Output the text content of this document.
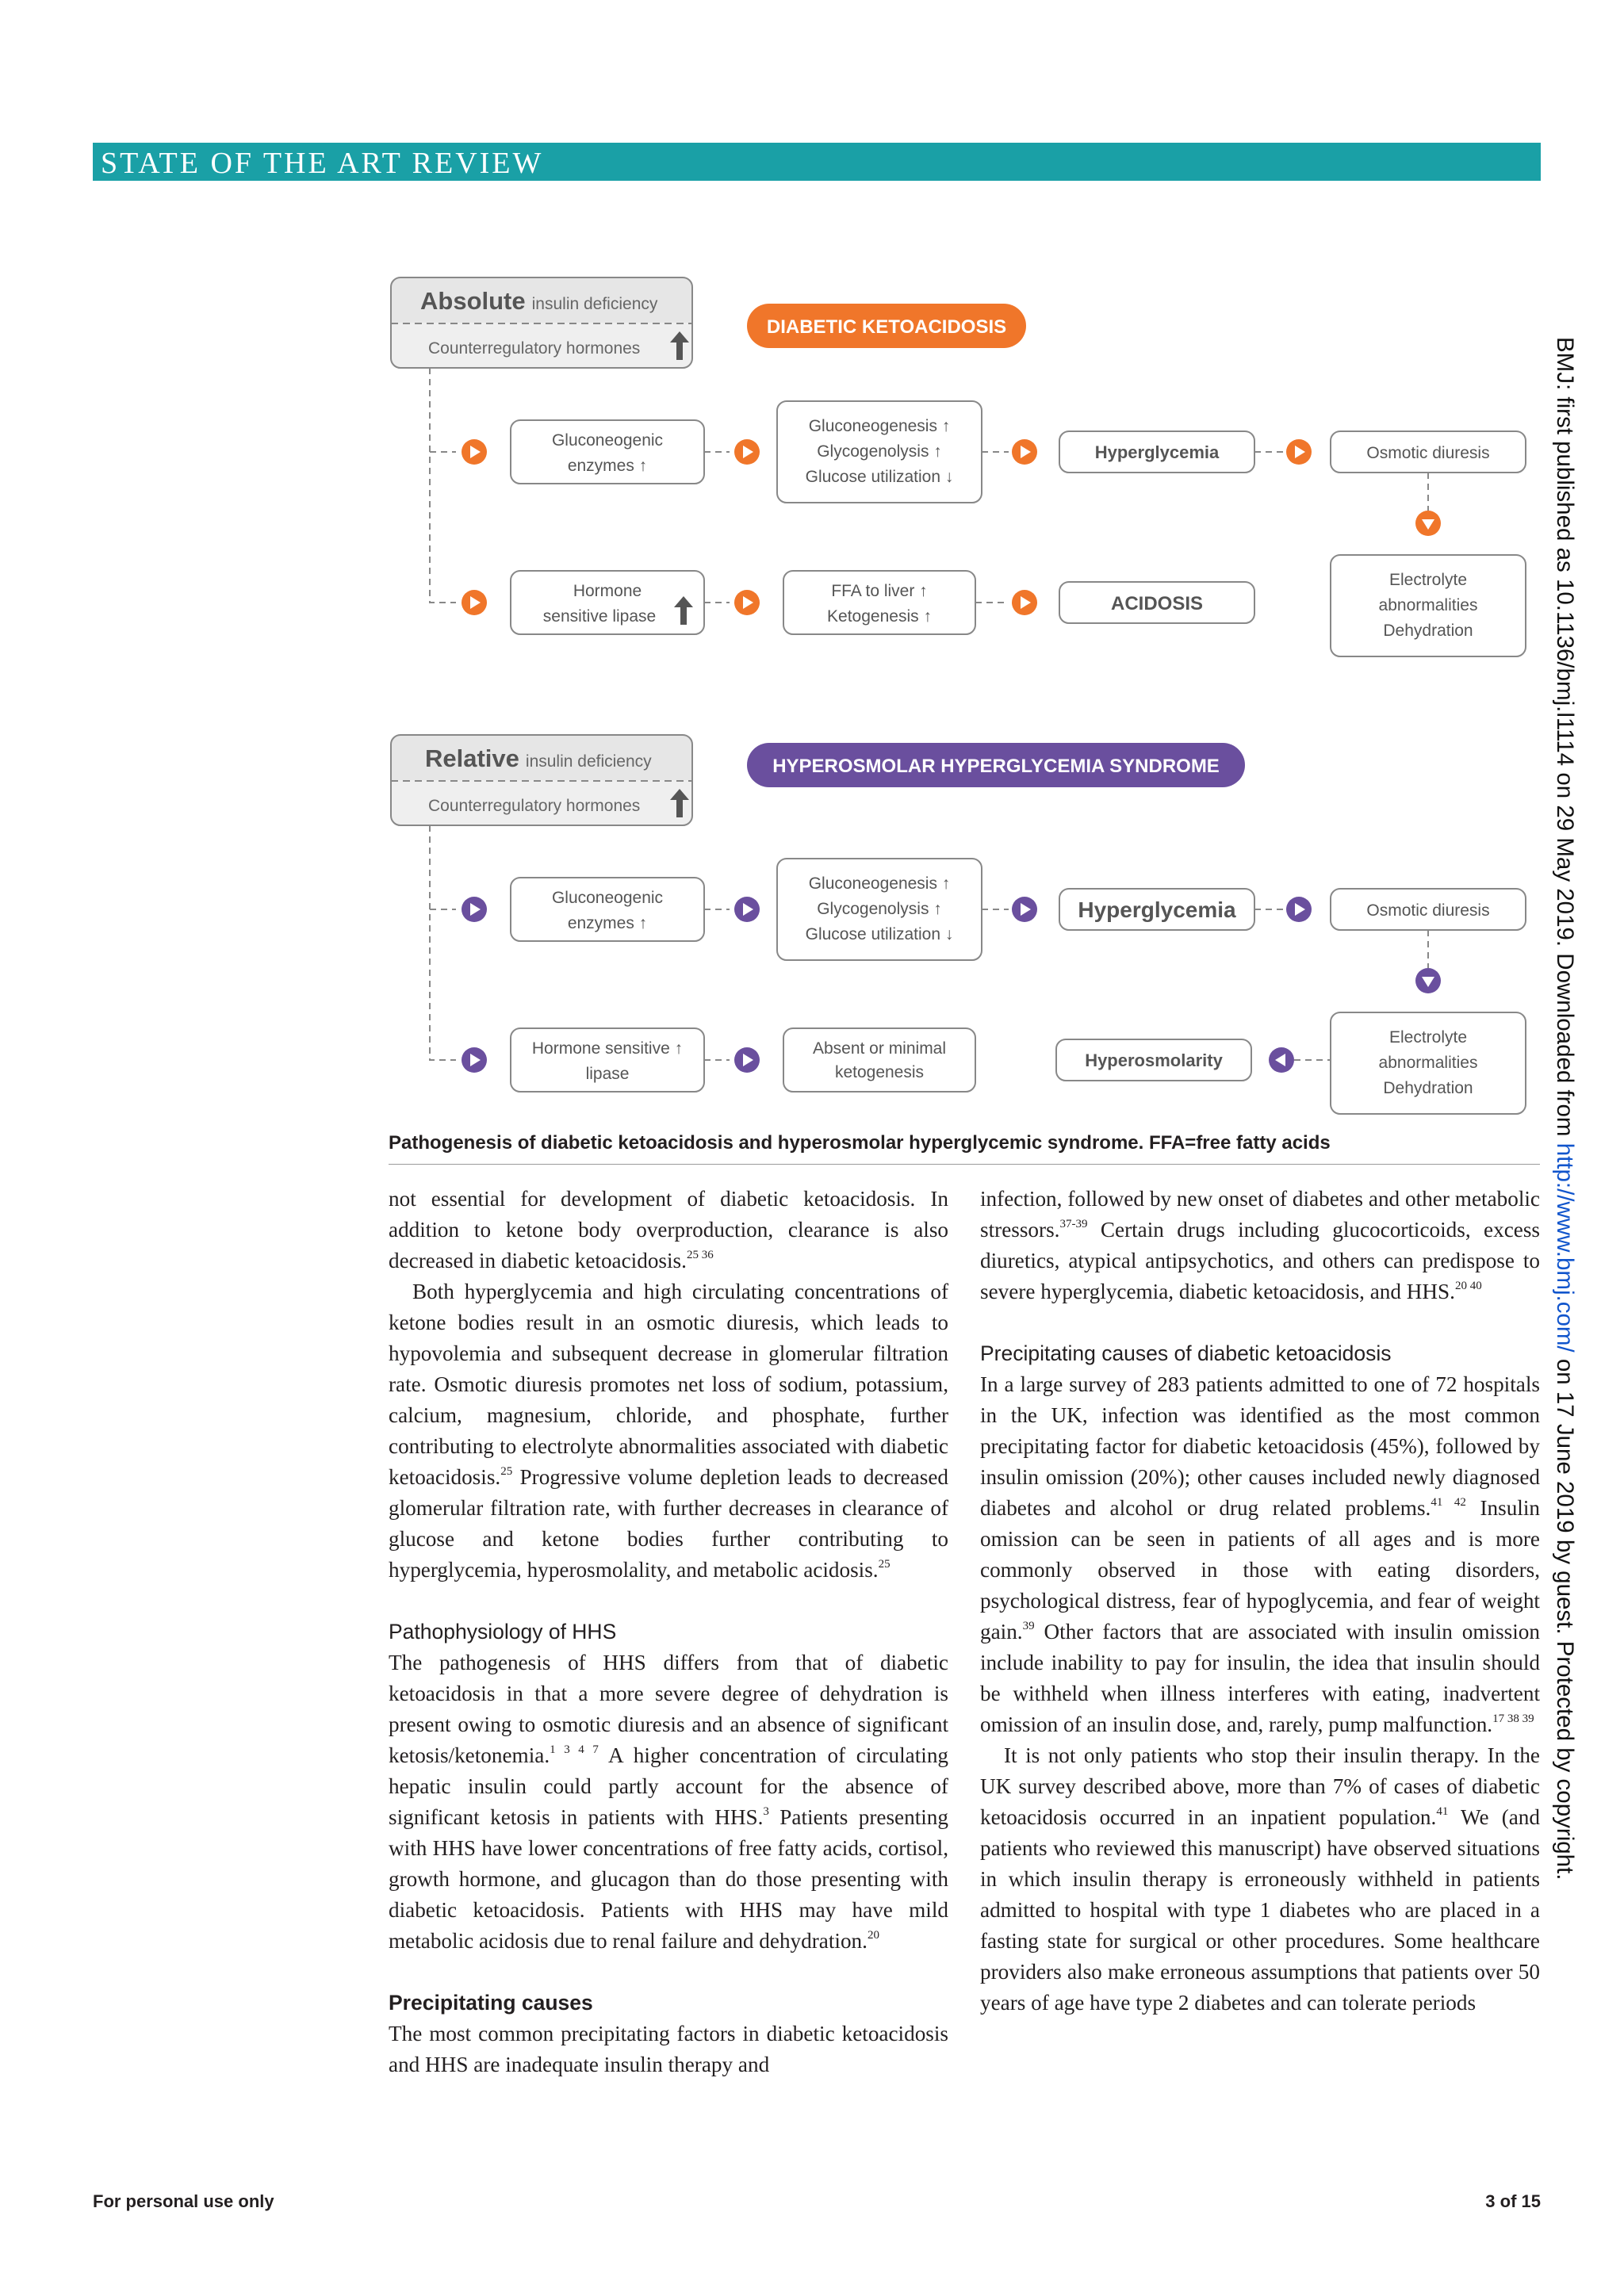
STATE OF THE ART REVIEW
BMJ: first published as 10.1136/bmj.l1114 on 29 May 2019. Downloaded from http://www.bmj.com/ on 17 June 2019 by guest. Protected by copyright.
Absolute insulin deficiency
Counterregulatory hormones
DIABETIC KETOACIDOSIS
Gluconeogenic
enzymes ↑
Gluconeogenesis ↑
Glycogenolysis ↑
Glucose utilization ↓
Hyperglycemia	Osmotic diuresis
Hormone
sensitive lipase
FFA to liver ↑
Ketogenesis ↑
ACIDOSIS
Electrolyte
abnormalities
Dehydration
Relative insulin deficiency
Counterregulatory hormones
HYPEROSMOLAR HYPERGLYCEMIA SYNDROME
Gluconeogenic
enzymes ↑
Gluconeogenesis ↑
Glycogenolysis ↑
Glucose utilization ↓
Hyperglycemia	Osmotic diuresis
Hormone sensitive ↑
lipase
Absent or minimal
ketogenesis
Hyperosmolarity
Electrolyte
abnormalities
Dehydration
Pathogenesis of diabetic ketoacidosis and hyperosmolar hyperglycemic syndrome. FFA=free fatty acids

not essential for development of diabetic ketoacidosis. In addition to ketone body overproduction, clearance is also decreased in diabetic ketoacidosis.$^{25 36}$

Both hyperglycemia and high circulating concentrations of ketone bodies result in an osmotic diuresis, which leads to hypovolemia and subsequent decrease in glomerular filtration rate. Osmotic diuresis promotes net loss of sodium, potassium, calcium, magnesium, chloride, and phosphate, further contributing to electrolyte abnormalities associated with diabetic ketoacidosis.$^{25}$ Progressive volume depletion leads to decreased glomerular filtration rate, with further decreases in clearance of glucose and ketone bodies further contributing to hyperglycemia, hyperosmolality, and metabolic acidosis.$^{25}$

Pathophysiology of HHS

The pathogenesis of HHS differs from that of diabetic ketoacidosis in that a more severe degree of dehydration is present owing to osmotic diuresis and an absence of significant ketosis/ketonemia.$^{1 3 4 7}$ A higher concentration of circulating hepatic insulin could partly account for the absence of significant ketosis in patients with HHS.$^3$ Patients presenting with HHS have lower concentrations of free fatty acids, cortisol, growth hormone, and glucagon than do those presenting with diabetic ketoacidosis. Patients with HHS may have mild metabolic acidosis due to renal failure and dehydration.$^{20}$

Precipitating causes

The most common precipitating factors in diabetic ketoacidosis and HHS are inadequate insulin therapy and

infection, followed by new onset of diabetes and other metabolic stressors.$^{37-39}$ Certain drugs including glucocorticoids, excess diuretics, atypical antipsychotics, and others can predispose to severe hyperglycemia, diabetic ketoacidosis, and HHS.$^{20 40}$

Precipitating causes of diabetic ketoacidosis

In a large survey of 283 patients admitted to one of 72 hospitals in the UK, infection was identified as the most common precipitating factor for diabetic ketoacidosis (45%), followed by insulin omission (20%); other causes included newly diagnosed diabetes and alcohol or drug related problems.$^{41 42}$ Insulin omission can be seen in patients of all ages and is more commonly observed in those with eating disorders, psychological distress, fear of hypoglycemia, and fear of weight gain.$^{39}$ Other factors that are associated with insulin omission include inability to pay for insulin, the idea that insulin should be withheld when illness interferes with eating, inadvertent omission of an insulin dose, and, rarely, pump malfunction.$^{17 38 39}$

It is not only patients who stop their insulin therapy. In the UK survey described above, more than 7% of cases of diabetic ketoacidosis occurred in an inpatient population.$^{41}$ We (and patients who reviewed this manuscript) have observed situations in which insulin therapy is erroneously withheld in patients admitted to hospital with type 1 diabetes who are placed in a fasting state for surgical or other procedures. Some healthcare providers also make erroneous assumptions that patients over 50 years of age have type 2 diabetes and can tolerate periods

For personal use only	3 of 15
